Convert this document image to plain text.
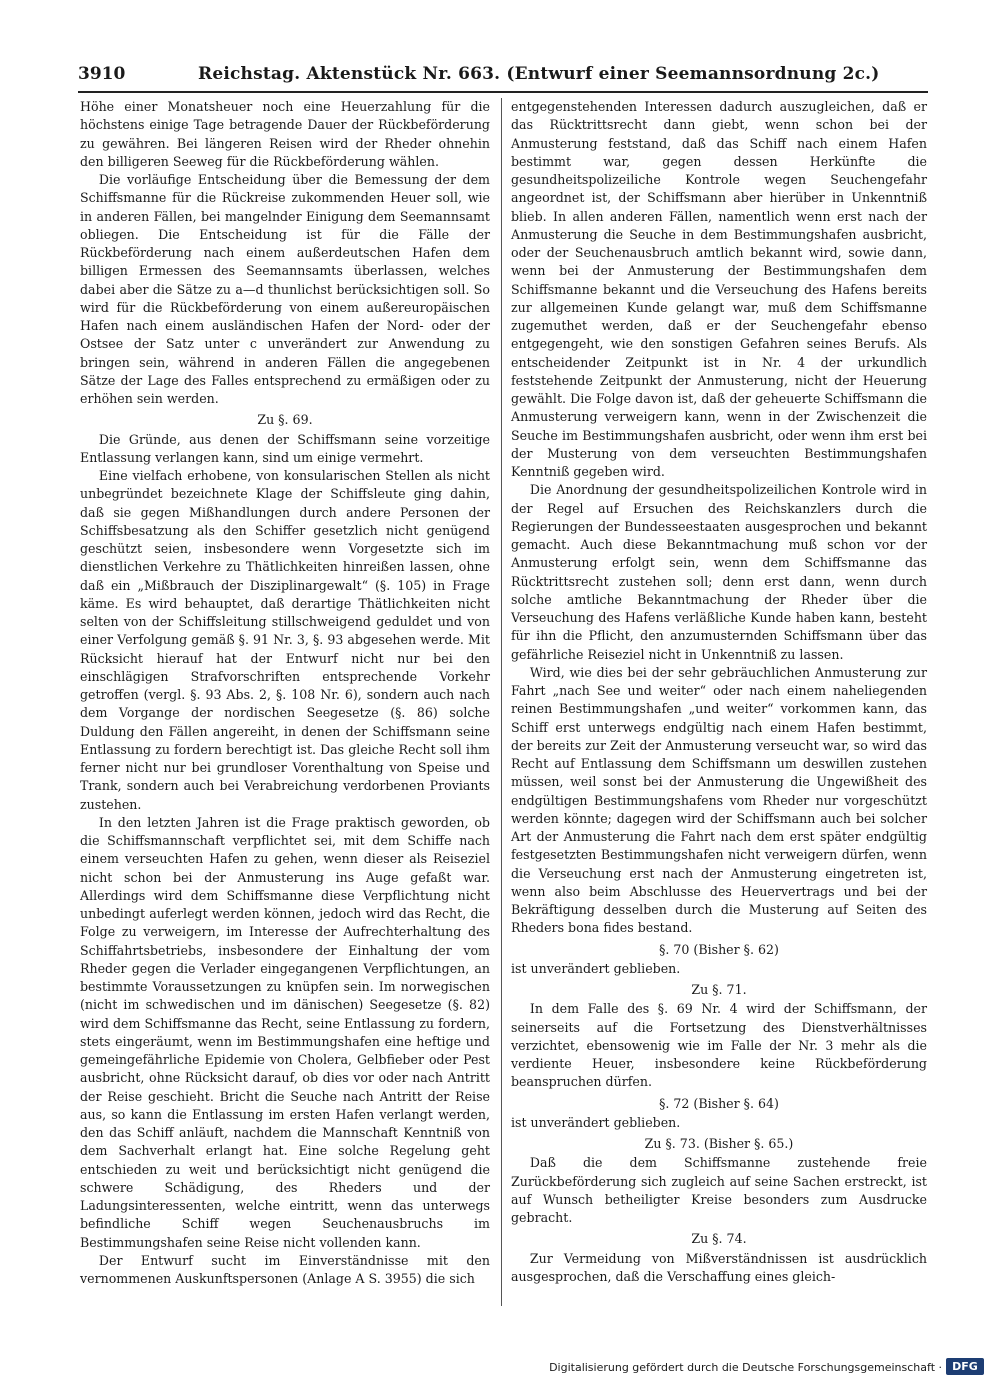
3910	Reichstag. Aktenstück Nr. 663. (Entwurf einer Seemannsordnung 2c.)

Höhe einer Monatsheuer noch eine Heuerzahlung für die höchstens einige Tage betragende Dauer der Rückbeförderung zu gewähren. Bei längeren Reisen wird der Rheder ohnehin den billigeren Seeweg für die Rückbeförderung wählen.

Die vorläufige Entscheidung über die Bemessung der dem Schiffsmanne für die Rückreise zukommenden Heuer soll, wie in anderen Fällen, bei mangelnder Einigung dem Seemannsamt obliegen. Die Entscheidung ist für die Fälle der Rückbeförderung nach einem außerdeutschen Hafen dem billigen Ermessen des Seemannsamts überlassen, welches dabei aber die Sätze zu a—d thunlichst berücksichtigen soll. So wird für die Rückbeförderung von einem außereuropäischen Hafen nach einem ausländischen Hafen der Nord- oder der Ostsee der Satz unter c unverändert zur Anwendung zu bringen sein, während in anderen Fällen die angegebenen Sätze der Lage des Falles entsprechend zu ermäßigen oder zu erhöhen sein werden.

Zu §. 69.

Die Gründe, aus denen der Schiffsmann seine vorzeitige Entlassung verlangen kann, sind um einige vermehrt.

Eine vielfach erhobene, von konsularischen Stellen als nicht unbegründet bezeichnete Klage der Schiffsleute ging dahin, daß sie gegen Mißhandlungen durch andere Personen der Schiffsbesatzung als den Schiffer gesetzlich nicht genügend geschützt seien, insbesondere wenn Vorgesetzte sich im dienstlichen Verkehre zu Thätlichkeiten hinreißen lassen, ohne daß ein „Mißbrauch der Disziplinargewalt“ (§. 105) in Frage käme. Es wird behauptet, daß derartige Thätlichkeiten nicht selten von der Schiffsleitung stillschweigend geduldet und von einer Verfolgung gemäß §. 91 Nr. 3, §. 93 abgesehen werde. Mit Rücksicht hierauf hat der Entwurf nicht nur bei den einschlägigen Strafvorschriften entsprechende Vorkehr getroffen (vergl. §. 93 Abs. 2, §. 108 Nr. 6), sondern auch nach dem Vorgange der nordischen Seegesetze (§. 86) solche Duldung den Fällen angereiht, in denen der Schiffsmann seine Entlassung zu fordern berechtigt ist. Das gleiche Recht soll ihm ferner nicht nur bei grundloser Vorenthaltung von Speise und Trank, sondern auch bei Verabreichung verdorbenen Proviants zustehen.

In den letzten Jahren ist die Frage praktisch geworden, ob die Schiffsmannschaft verpflichtet sei, mit dem Schiffe nach einem verseuchten Hafen zu gehen, wenn dieser als Reiseziel nicht schon bei der Anmusterung ins Auge gefaßt war. Allerdings wird dem Schiffsmanne diese Verpflichtung nicht unbedingt auferlegt werden können, jedoch wird das Recht, die Folge zu verweigern, im Interesse der Aufrechterhaltung des Schiffahrtsbetriebs, insbesondere der Einhaltung der vom Rheder gegen die Verlader eingegangenen Verpflichtungen, an bestimmte Voraussetzungen zu knüpfen sein. Im norwegischen (nicht im schwedischen und im dänischen) Seegesetze (§. 82) wird dem Schiffsmanne das Recht, seine Entlassung zu fordern, stets eingeräumt, wenn im Bestimmungshafen eine heftige und gemeingefährliche Epidemie von Cholera, Gelbfieber oder Pest ausbricht, ohne Rücksicht darauf, ob dies vor oder nach Antritt der Reise geschieht. Bricht die Seuche nach Antritt der Reise aus, so kann die Entlassung im ersten Hafen verlangt werden, den das Schiff anläuft, nachdem die Mannschaft Kenntniß von dem Sachverhalt erlangt hat. Eine solche Regelung geht entschieden zu weit und berücksichtigt nicht genügend die schwere Schädigung, des Rheders und der Ladungsinteressenten, welche eintritt, wenn das unterwegs befindliche Schiff wegen Seuchenausbruchs im Bestimmungshafen seine Reise nicht vollenden kann.

Der Entwurf sucht im Einverständnisse mit den vernommenen Auskunftspersonen (Anlage A S. 3955) die sich

entgegenstehenden Interessen dadurch auszugleichen, daß er das Rücktrittsrecht dann giebt, wenn schon bei der Anmusterung feststand, daß das Schiff nach einem Hafen bestimmt war, gegen dessen Herkünfte die gesundheitspolizeiliche Kontrole wegen Seuchengefahr angeordnet ist, der Schiffsmann aber hierüber in Unkenntniß blieb. In allen anderen Fällen, namentlich wenn erst nach der Anmusterung die Seuche in dem Bestimmungshafen ausbricht, oder der Seuchenausbruch amtlich bekannt wird, sowie dann, wenn bei der Anmusterung der Bestimmungshafen dem Schiffsmanne bekannt und die Verseuchung des Hafens bereits zur allgemeinen Kunde gelangt war, muß dem Schiffsmanne zugemuthet werden, daß er der Seuchengefahr ebenso entgegengeht, wie den sonstigen Gefahren seines Berufs. Als entscheidender Zeitpunkt ist in Nr. 4 der urkundlich feststehende Zeitpunkt der Anmusterung, nicht der Heuerung gewählt. Die Folge davon ist, daß der geheuerte Schiffsmann die Anmusterung verweigern kann, wenn in der Zwischenzeit die Seuche im Bestimmungshafen ausbricht, oder wenn ihm erst bei der Musterung von dem verseuchten Bestimmungshafen Kenntniß gegeben wird.

Die Anordnung der gesundheitspolizeilichen Kontrole wird in der Regel auf Ersuchen des Reichskanzlers durch die Regierungen der Bundesseestaaten ausgesprochen und bekannt gemacht. Auch diese Bekanntmachung muß schon vor der Anmusterung erfolgt sein, wenn dem Schiffsmanne das Rücktrittsrecht zustehen soll; denn erst dann, wenn durch solche amtliche Bekanntmachung der Rheder über die Verseuchung des Hafens verläßliche Kunde haben kann, besteht für ihn die Pflicht, den anzumusternden Schiffsmann über das gefährliche Reiseziel nicht in Unkenntniß zu lassen.

Wird, wie dies bei der sehr gebräuchlichen Anmusterung zur Fahrt „nach See und weiter“ oder nach einem naheliegenden reinen Bestimmungshafen „und weiter“ vorkommen kann, das Schiff erst unterwegs endgültig nach einem Hafen bestimmt, der bereits zur Zeit der Anmusterung verseucht war, so wird das Recht auf Entlassung dem Schiffsmann um deswillen zustehen müssen, weil sonst bei der Anmusterung die Ungewißheit des endgültigen Bestimmungshafens vom Rheder nur vorgeschützt werden könnte; dagegen wird der Schiffsmann auch bei solcher Art der Anmusterung die Fahrt nach dem erst später endgültig festgesetzten Bestimmungshafen nicht verweigern dürfen, wenn die Verseuchung erst nach der Anmusterung eingetreten ist, wenn also beim Abschlusse des Heuervertrags und bei der Bekräftigung desselben durch die Musterung auf Seiten des Rheders bona fides bestand.

§. 70 (Bisher §. 62)

ist unverändert geblieben.

Zu §. 71.

In dem Falle des §. 69 Nr. 4 wird der Schiffsmann, der seinerseits auf die Fortsetzung des Dienstverhältnisses verzichtet, ebensowenig wie im Falle der Nr. 3 mehr als die verdiente Heuer, insbesondere keine Rückbeförderung beanspruchen dürfen.

§. 72 (Bisher §. 64)

ist unverändert geblieben.

Zu §. 73. (Bisher §. 65.)

Daß die dem Schiffsmanne zustehende freie Zurückbeförderung sich zugleich auf seine Sachen erstreckt, ist auf Wunsch betheiligter Kreise besonders zum Ausdrucke gebracht.

Zu §. 74.

Zur Vermeidung von Mißverständnissen ist ausdrücklich ausgesprochen, daß die Verschaffung eines gleich-

Digitalisierung gefördert durch die Deutsche Forschungsgemeinschaft · DFG
